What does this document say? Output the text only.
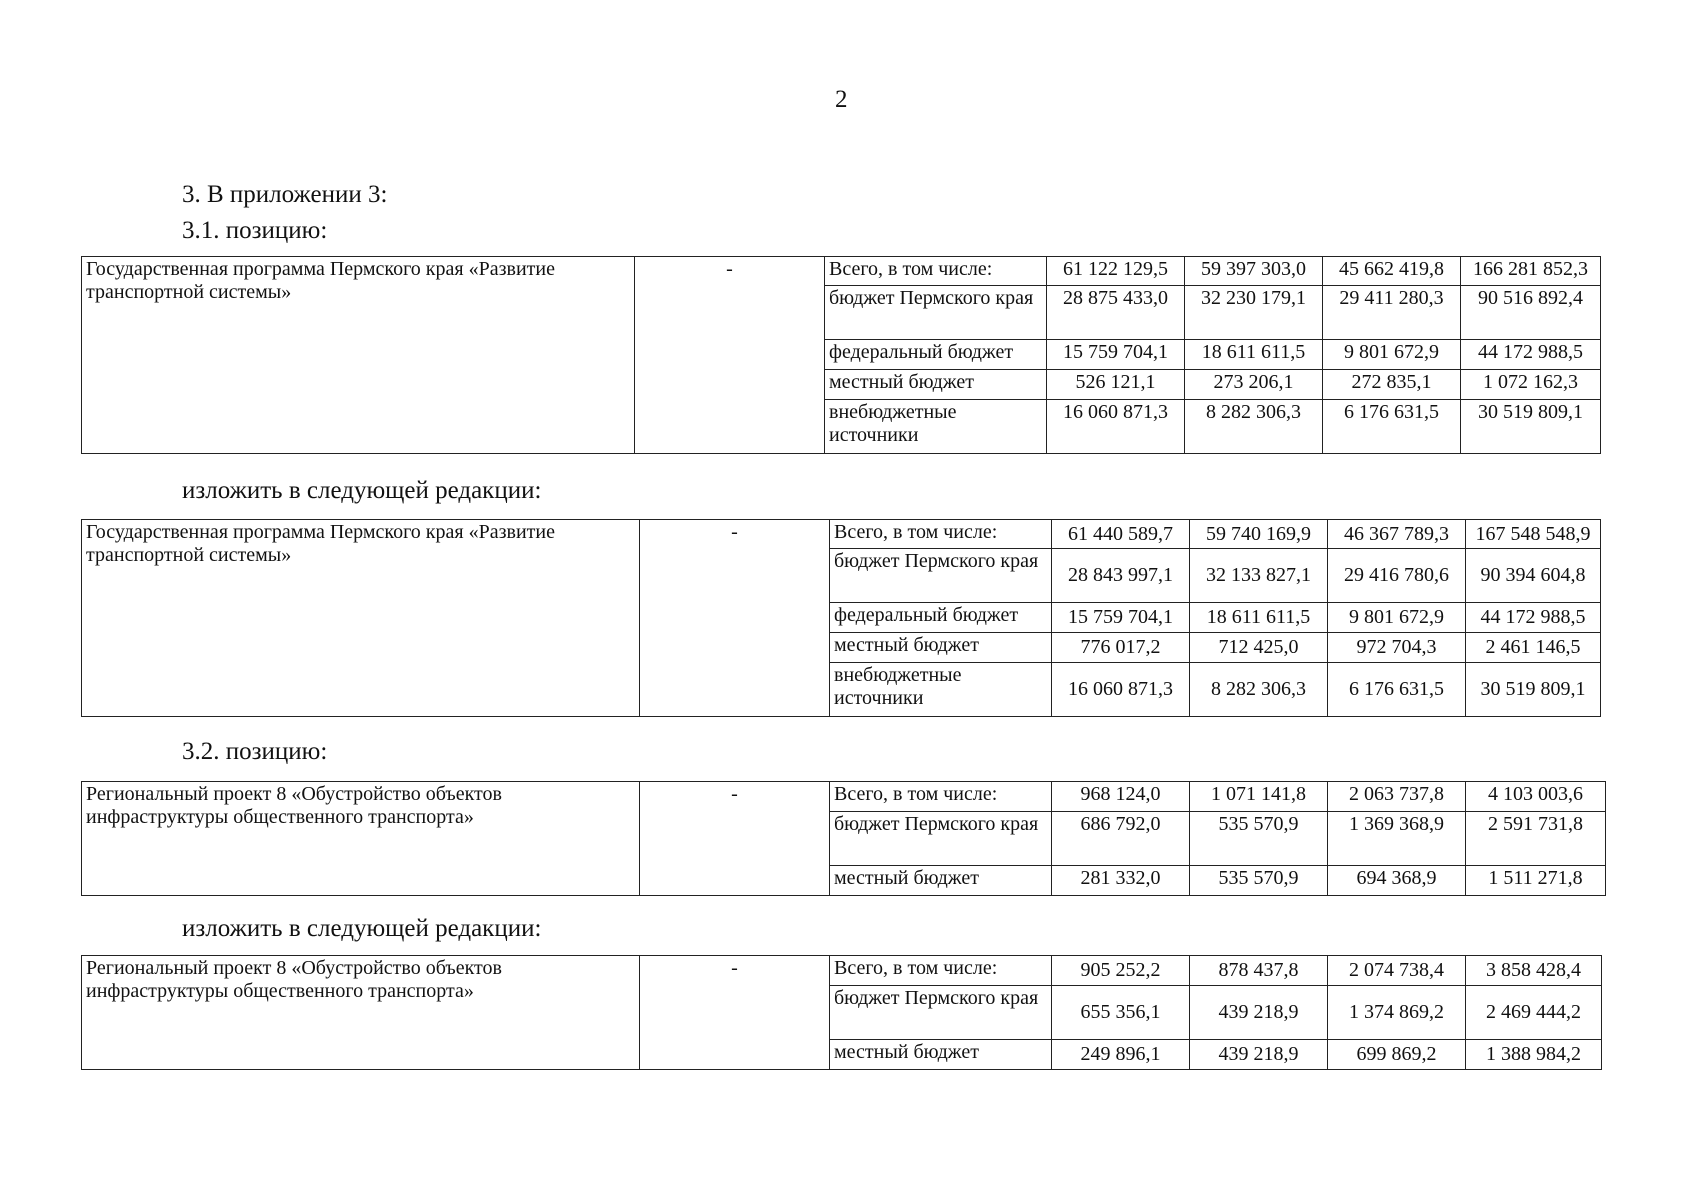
2
3. В приложении 3:
3.1. позицию:
Государственная программа Пермского края «Развитие транспортной системы»	-	Всего, в том числе:	61 122 129,5	59 397 303,0	45 662 419,8	166 281 852,3
		бюджет Пермского края	28 875 433,0	32 230 179,1	29 411 280,3	90 516 892,4
		федеральный бюджет	15 759 704,1	18 611 611,5	9 801 672,9	44 172 988,5
		местный бюджет	526 121,1	273 206,1	272 835,1	1 072 162,3
		внебюджетные источники	16 060 871,3	8 282 306,3	6 176 631,5	30 519 809,1
изложить в следующей редакции:
Государственная программа Пермского края «Развитие транспортной системы»	-	Всего, в том числе:	61 440 589,7	59 740 169,9	46 367 789,3	167 548 548,9
		бюджет Пермского края	28 843 997,1	32 133 827,1	29 416 780,6	90 394 604,8
		федеральный бюджет	15 759 704,1	18 611 611,5	9 801 672,9	44 172 988,5
		местный бюджет	776 017,2	712 425,0	972 704,3	2 461 146,5
		внебюджетные источники	16 060 871,3	8 282 306,3	6 176 631,5	30 519 809,1
3.2. позицию:
Региональный проект 8 «Обустройство объектов инфраструктуры общественного транспорта»	-	Всего, в том числе:	968 124,0	1 071 141,8	2 063 737,8	4 103 003,6
		бюджет Пермского края	686 792,0	535 570,9	1 369 368,9	2 591 731,8
		местный бюджет	281 332,0	535 570,9	694 368,9	1 511 271,8
изложить в следующей редакции:
Региональный проект 8 «Обустройство объектов инфраструктуры общественного транспорта»	-	Всего, в том числе:	905 252,2	878 437,8	2 074 738,4	3 858 428,4
		бюджет Пермского края	655 356,1	439 218,9	1 374 869,2	2 469 444,2
		местный бюджет	249 896,1	439 218,9	699 869,2	1 388 984,2
